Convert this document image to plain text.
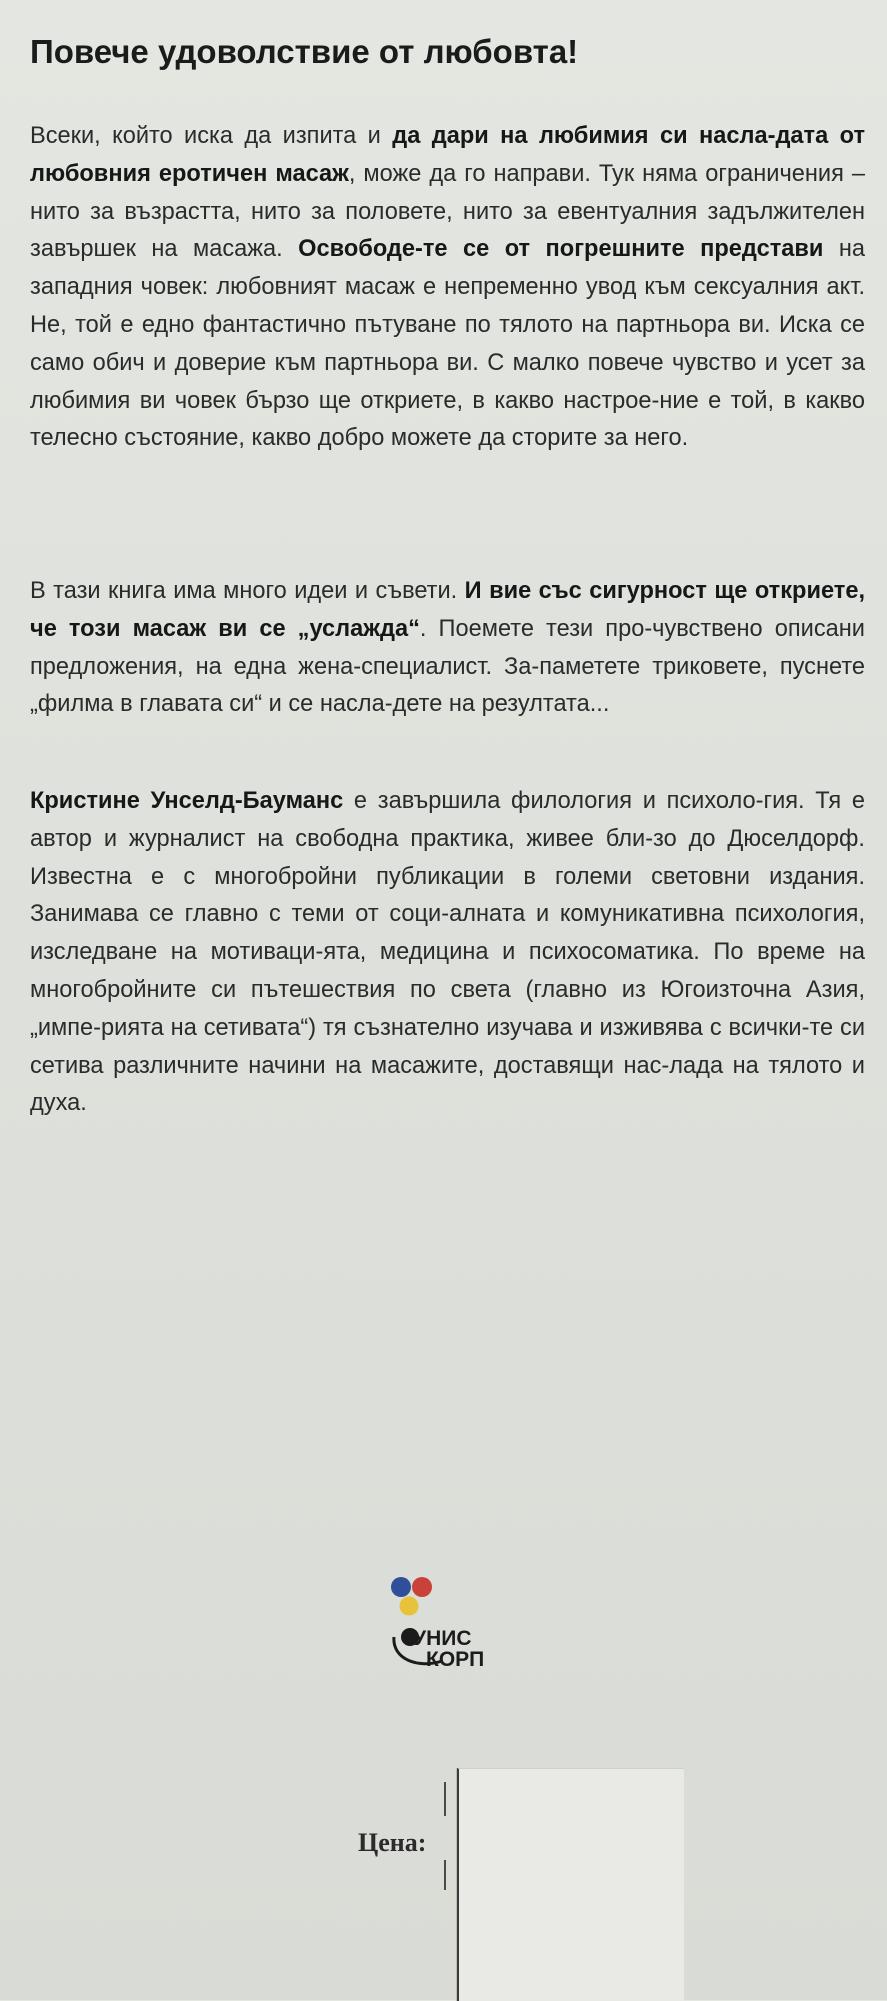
Повече удоволствие от любовта!

Всеки, който иска да изпита и да дари на любимия си насла-дата от любовния еротичен масаж, може да го направи. Тук няма ограничения – нито за възрастта, нито за половете, нито за евентуалния задължителен завършек на масажа. Освободе-те се от погрешните представи на западния човек: любовният масаж е непременно увод към сексуалния акт. Не, той е едно фантастично пътуване по тялото на партньора ви. Иска се само обич и доверие към партньора ви. С малко повече чувство и усет за любимия ви човек бързо ще откриете, в какво настрое-ние е той, в какво телесно състояние, какво добро можете да сторите за него.

В тази книга има много идеи и съвети. И вие със сигурност ще откриете, че този масаж ви се „услажда“. Поемете тези про-чувствено описани предложения, на една жена-специалист. За-паметете триковете, пуснете „филма в главата си“ и се насла-дете на резултата...

Кристине Унселд-Бауманс е завършила филология и психоло-гия. Тя е автор и журналист на свободна практика, живее бли-зо до Дюселдорф. Известна е с многобройни публикации в големи световни издания. Занимава се главно с теми от соци-алната и комуникативна психология, изследване на мотиваци-ята, медицина и психосоматика. По време на многобройните си пътешествия по света (главно из Югоизточна Азия, „импе-рията на сетивата“) тя съзнателно изучава и изживява с всички-те си сетива различните начини на масажите, доставящи нас-лада на тялото и духа.

УНИС
КОРП
Цена:
